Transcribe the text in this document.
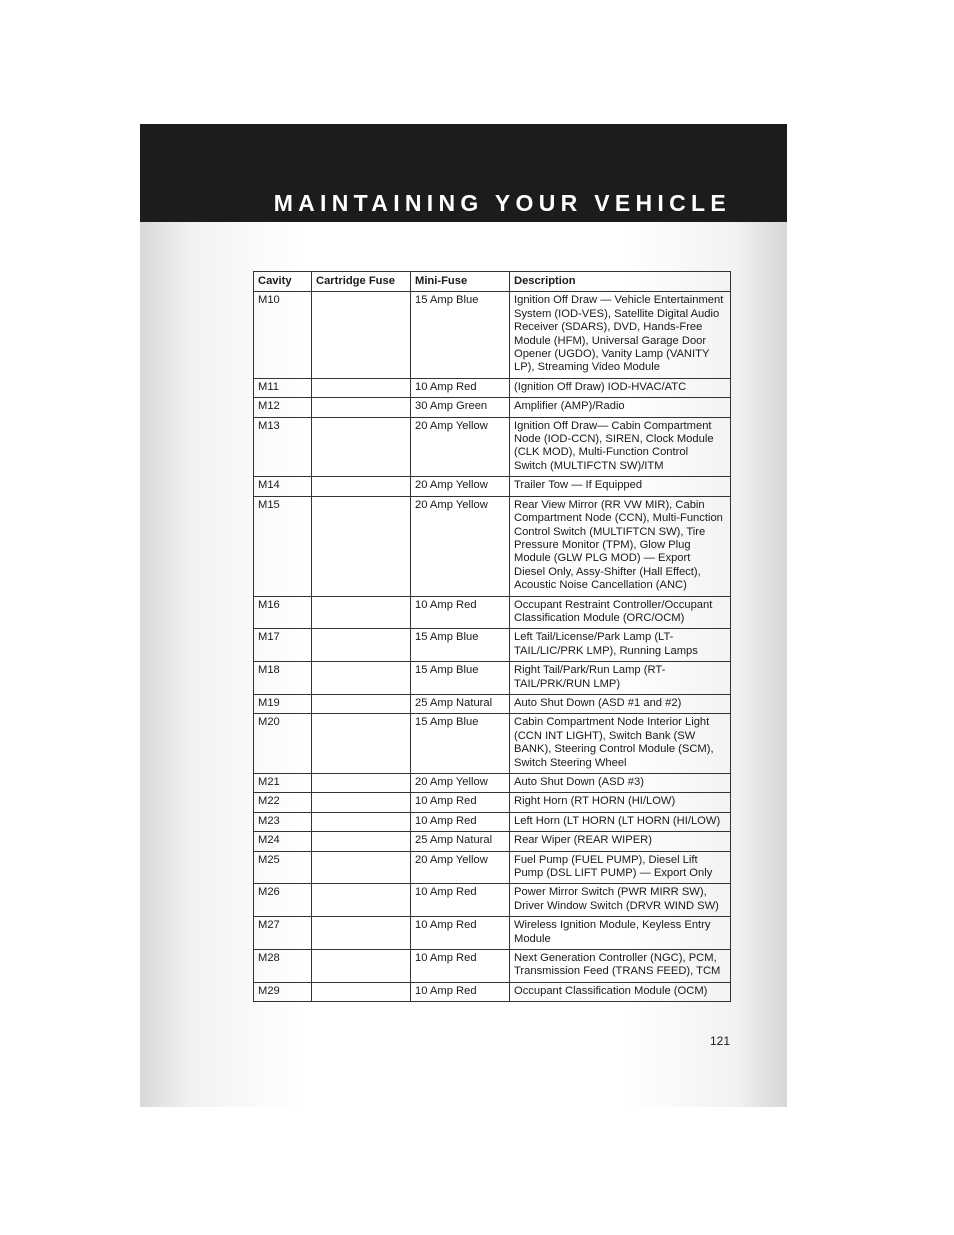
MAINTAINING YOUR VEHICLE
Cavity	Cartridge Fuse	Mini-Fuse	Description
M10		15 Amp Blue	Ignition Off Draw — Vehicle Entertainment System (IOD-VES), Satellite Digital Audio Receiver (SDARS), DVD, Hands-Free Module (HFM), Universal Garage Door Opener (UGDO), Vanity Lamp (VANITY LP), Streaming Video Module
M11		10 Amp Red	(Ignition Off Draw) IOD-HVAC/ATC
M12		30 Amp Green	Amplifier (AMP)/Radio
M13		20 Amp Yellow	Ignition Off Draw— Cabin Compartment Node (IOD-CCN), SIREN, Clock Module (CLK MOD), Multi-Function Control Switch (MULTIFCTN SW)/ITM
M14		20 Amp Yellow	Trailer Tow — If Equipped
M15		20 Amp Yellow	Rear View Mirror (RR VW MIR), Cabin Compartment Node (CCN), Multi-Function Control Switch (MULTIFTCN SW), Tire Pressure Monitor (TPM), Glow Plug Module (GLW PLG MOD) — Export Diesel Only, Assy-Shifter (Hall Effect), Acoustic Noise Cancellation (ANC)
M16		10 Amp Red	Occupant Restraint Controller/Occupant Classification Module (ORC/OCM)
M17		15 Amp Blue	Left Tail/License/Park Lamp (LT-TAIL/LIC/PRK LMP), Running Lamps
M18		15 Amp Blue	Right Tail/Park/Run Lamp (RT-TAIL/PRK/RUN LMP)
M19		25 Amp Natural	Auto Shut Down (ASD #1 and #2)
M20		15 Amp Blue	Cabin Compartment Node Interior Light (CCN INT LIGHT), Switch Bank (SW BANK), Steering Control Module (SCM), Switch Steering Wheel
M21		20 Amp Yellow	Auto Shut Down (ASD #3)
M22		10 Amp Red	Right Horn (RT HORN (HI/LOW)
M23		10 Amp Red	Left Horn (LT HORN (LT HORN (HI/LOW)
M24		25 Amp Natural	Rear Wiper (REAR WIPER)
M25		20 Amp Yellow	Fuel Pump (FUEL PUMP), Diesel Lift Pump (DSL LIFT PUMP) — Export Only
M26		10 Amp Red	Power Mirror Switch (PWR MIRR SW), Driver Window Switch (DRVR WIND SW)
M27		10 Amp Red	Wireless Ignition Module, Keyless Entry Module
M28		10 Amp Red	Next Generation Controller (NGC), PCM, Transmission Feed (TRANS FEED), TCM
M29		10 Amp Red	Occupant Classification Module (OCM)
121
